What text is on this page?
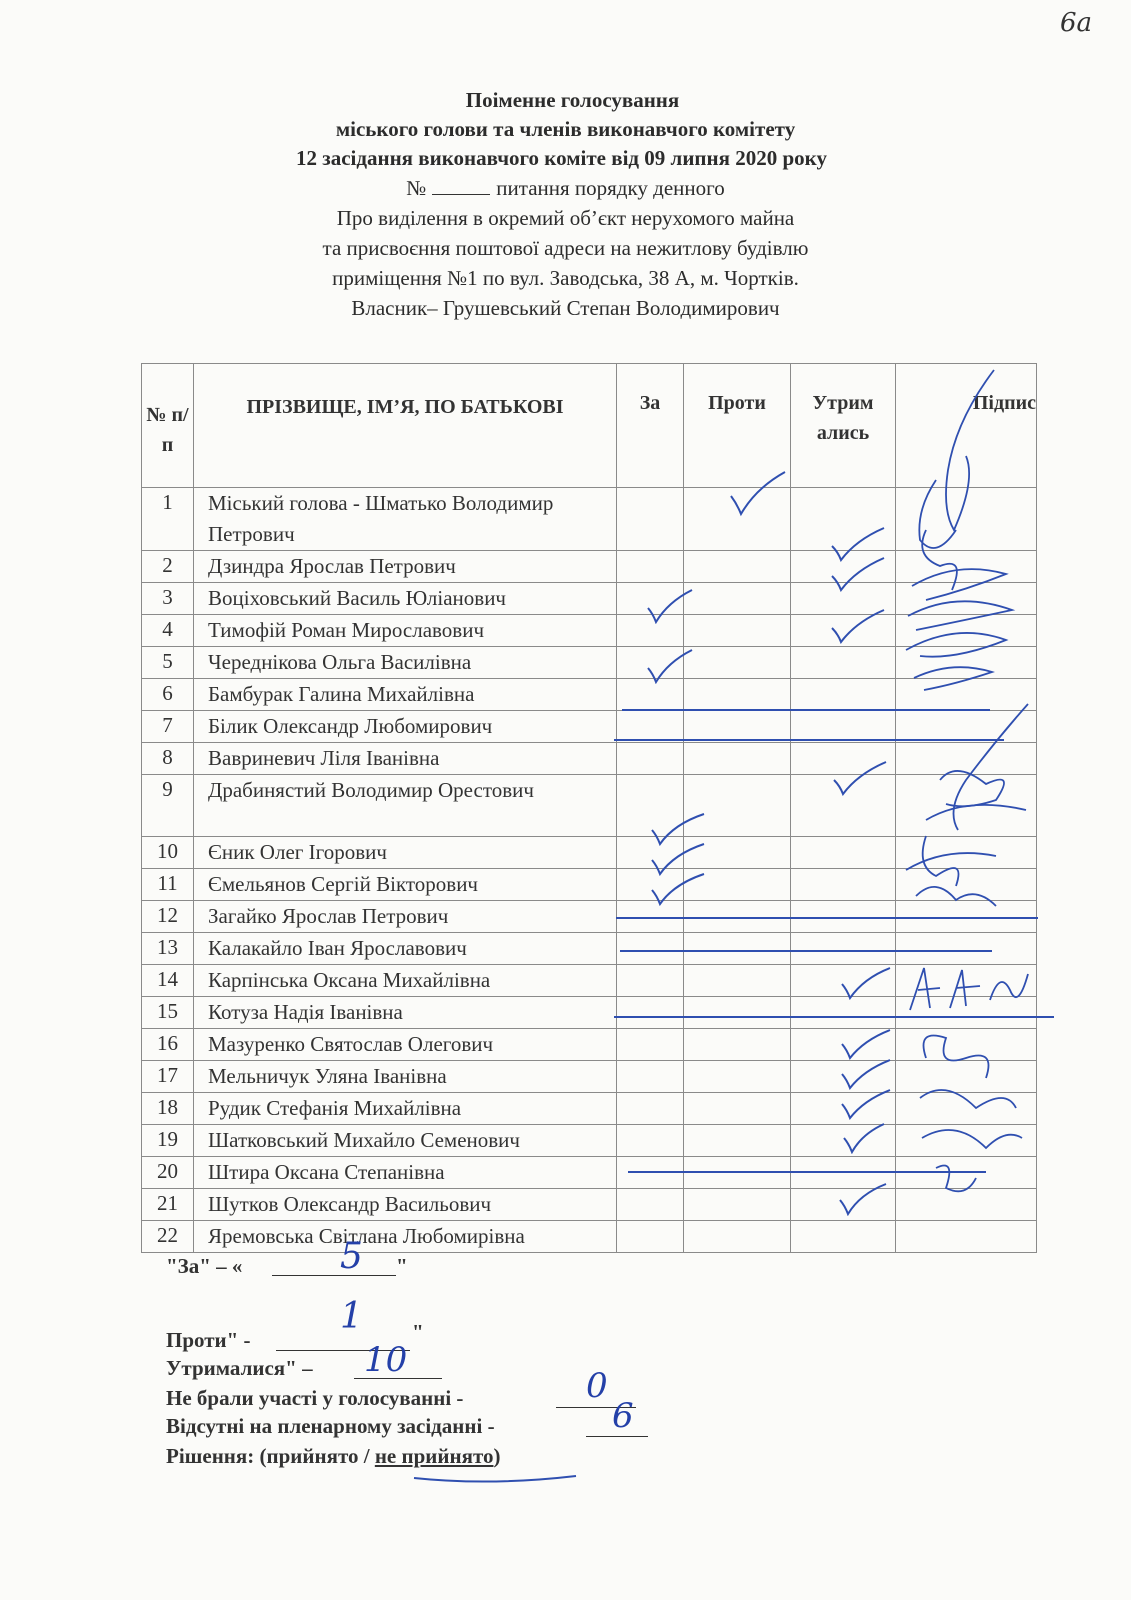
6а
Поіменне голосування
міського голови та членів виконавчого комітету
12 засідання виконавчого коміте від 09 липня 2020 року
№	питання порядку денного
Про виділення в окремий об’єкт нерухомого майна
та присвоєння поштової адреси на нежитлову будівлю
приміщення №1 по вул. Заводська, 38 А, м. Чортків.
Власник– Грушевський Степан Володимирович
№ п/ п	ПРІЗВИЩЕ, ІМ’Я, ПО БАТЬКОВІ	За	Проти	Утрим ались	Підпис
1	Міський голова - Шматько Володимир Петрович				
2	Дзиндра Ярослав Петрович				
3	Воціховський Василь Юліанович				
4	Тимофій Роман Мирославович				
5	Череднікова Ольга Василівна				
6	Бамбурак Галина Михайлівна				
7	Білик Олександр Любомирович				
8	Вавриневич Ліля Іванівна				
9	Драбинястий Володимир Орестович				
10	Єник Олег Ігорович				
11	Ємельянов Сергій Вікторович				
12	Загайко Ярослав Петрович				
13	Калакайло Іван Ярославович				
14	Карпінська Оксана Михайлівна				
15	Котуза Надія Іванівна				
16	Мазуренко Святослав Олегович				
17	Мельничук Уляна Іванівна				
18	Рудик Стефанія Михайлівна				
19	Шатковський Михайло Семенович				
20	Штира Оксана Степанівна				
21	Шутков Олександр Васильович				
22	Яремовська Світлана Любомирівна				
"За" – «	"
5
Проти" -	"
1
Утрималися" – 10
Не брали участі у голосуванні -	0
Відсутні на пленарному засіданні -	6
Рішення: (прийнято / не прийнято)
